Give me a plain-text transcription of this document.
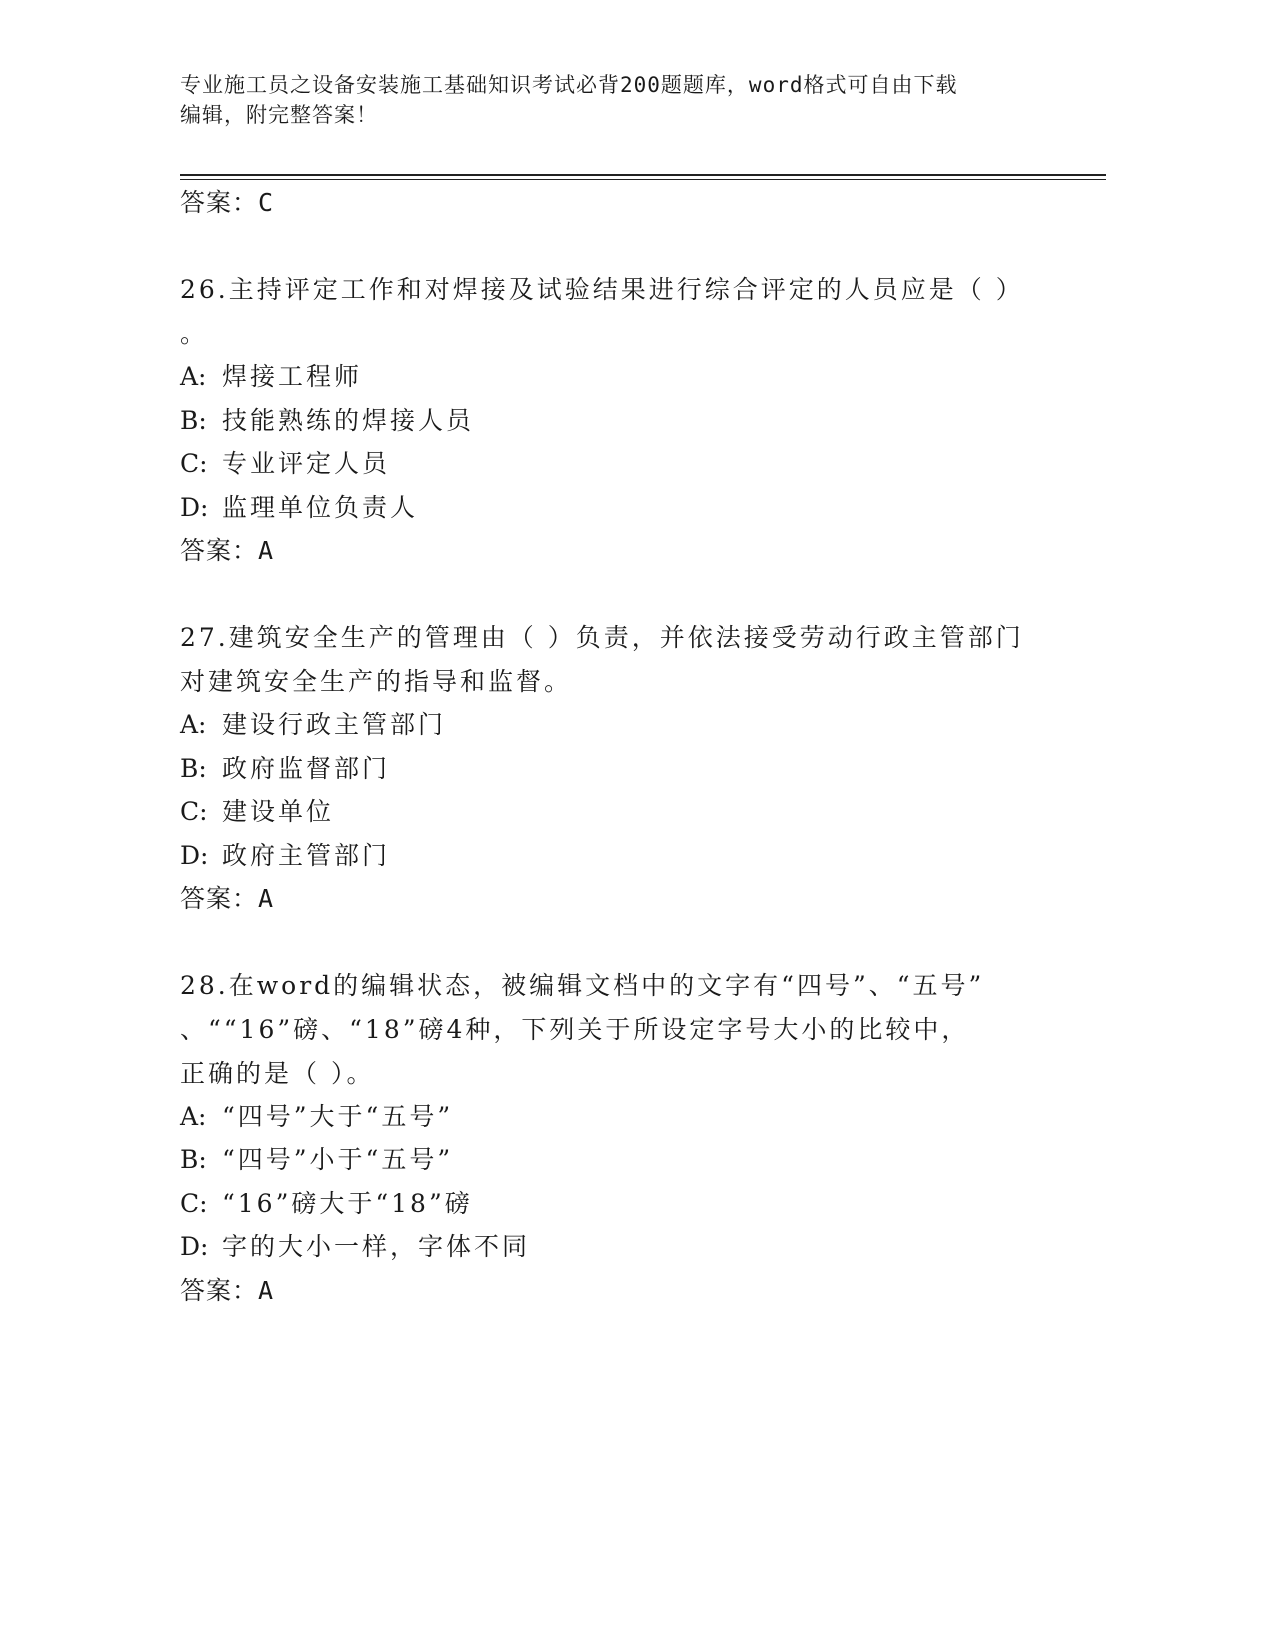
专业施工员之设备安装施工基础知识考试必背200题题库，word格式可自由下载
编辑，附完整答案！
答案：C
26.主持评定工作和对焊接及试验结果进行综合评定的人员应是（ ）
。
A: 焊接工程师
B: 技能熟练的焊接人员
C: 专业评定人员
D: 监理单位负责人
答案：A
27.建筑安全生产的管理由（ ）负责，并依法接受劳动行政主管部门
对建筑安全生产的指导和监督。
A: 建设行政主管部门
B: 政府监督部门
C: 建设单位
D: 政府主管部门
答案：A
28.在word的编辑状态，被编辑文档中的文字有“四号”、“五号”
、““16”磅、“18”磅4种，下列关于所设定字号大小的比较中，
正确的是（ ）。
A: “四号”大于“五号”
B: “四号”小于“五号”
C: “16”磅大于“18”磅
D: 字的大小一样，字体不同
答案：A
